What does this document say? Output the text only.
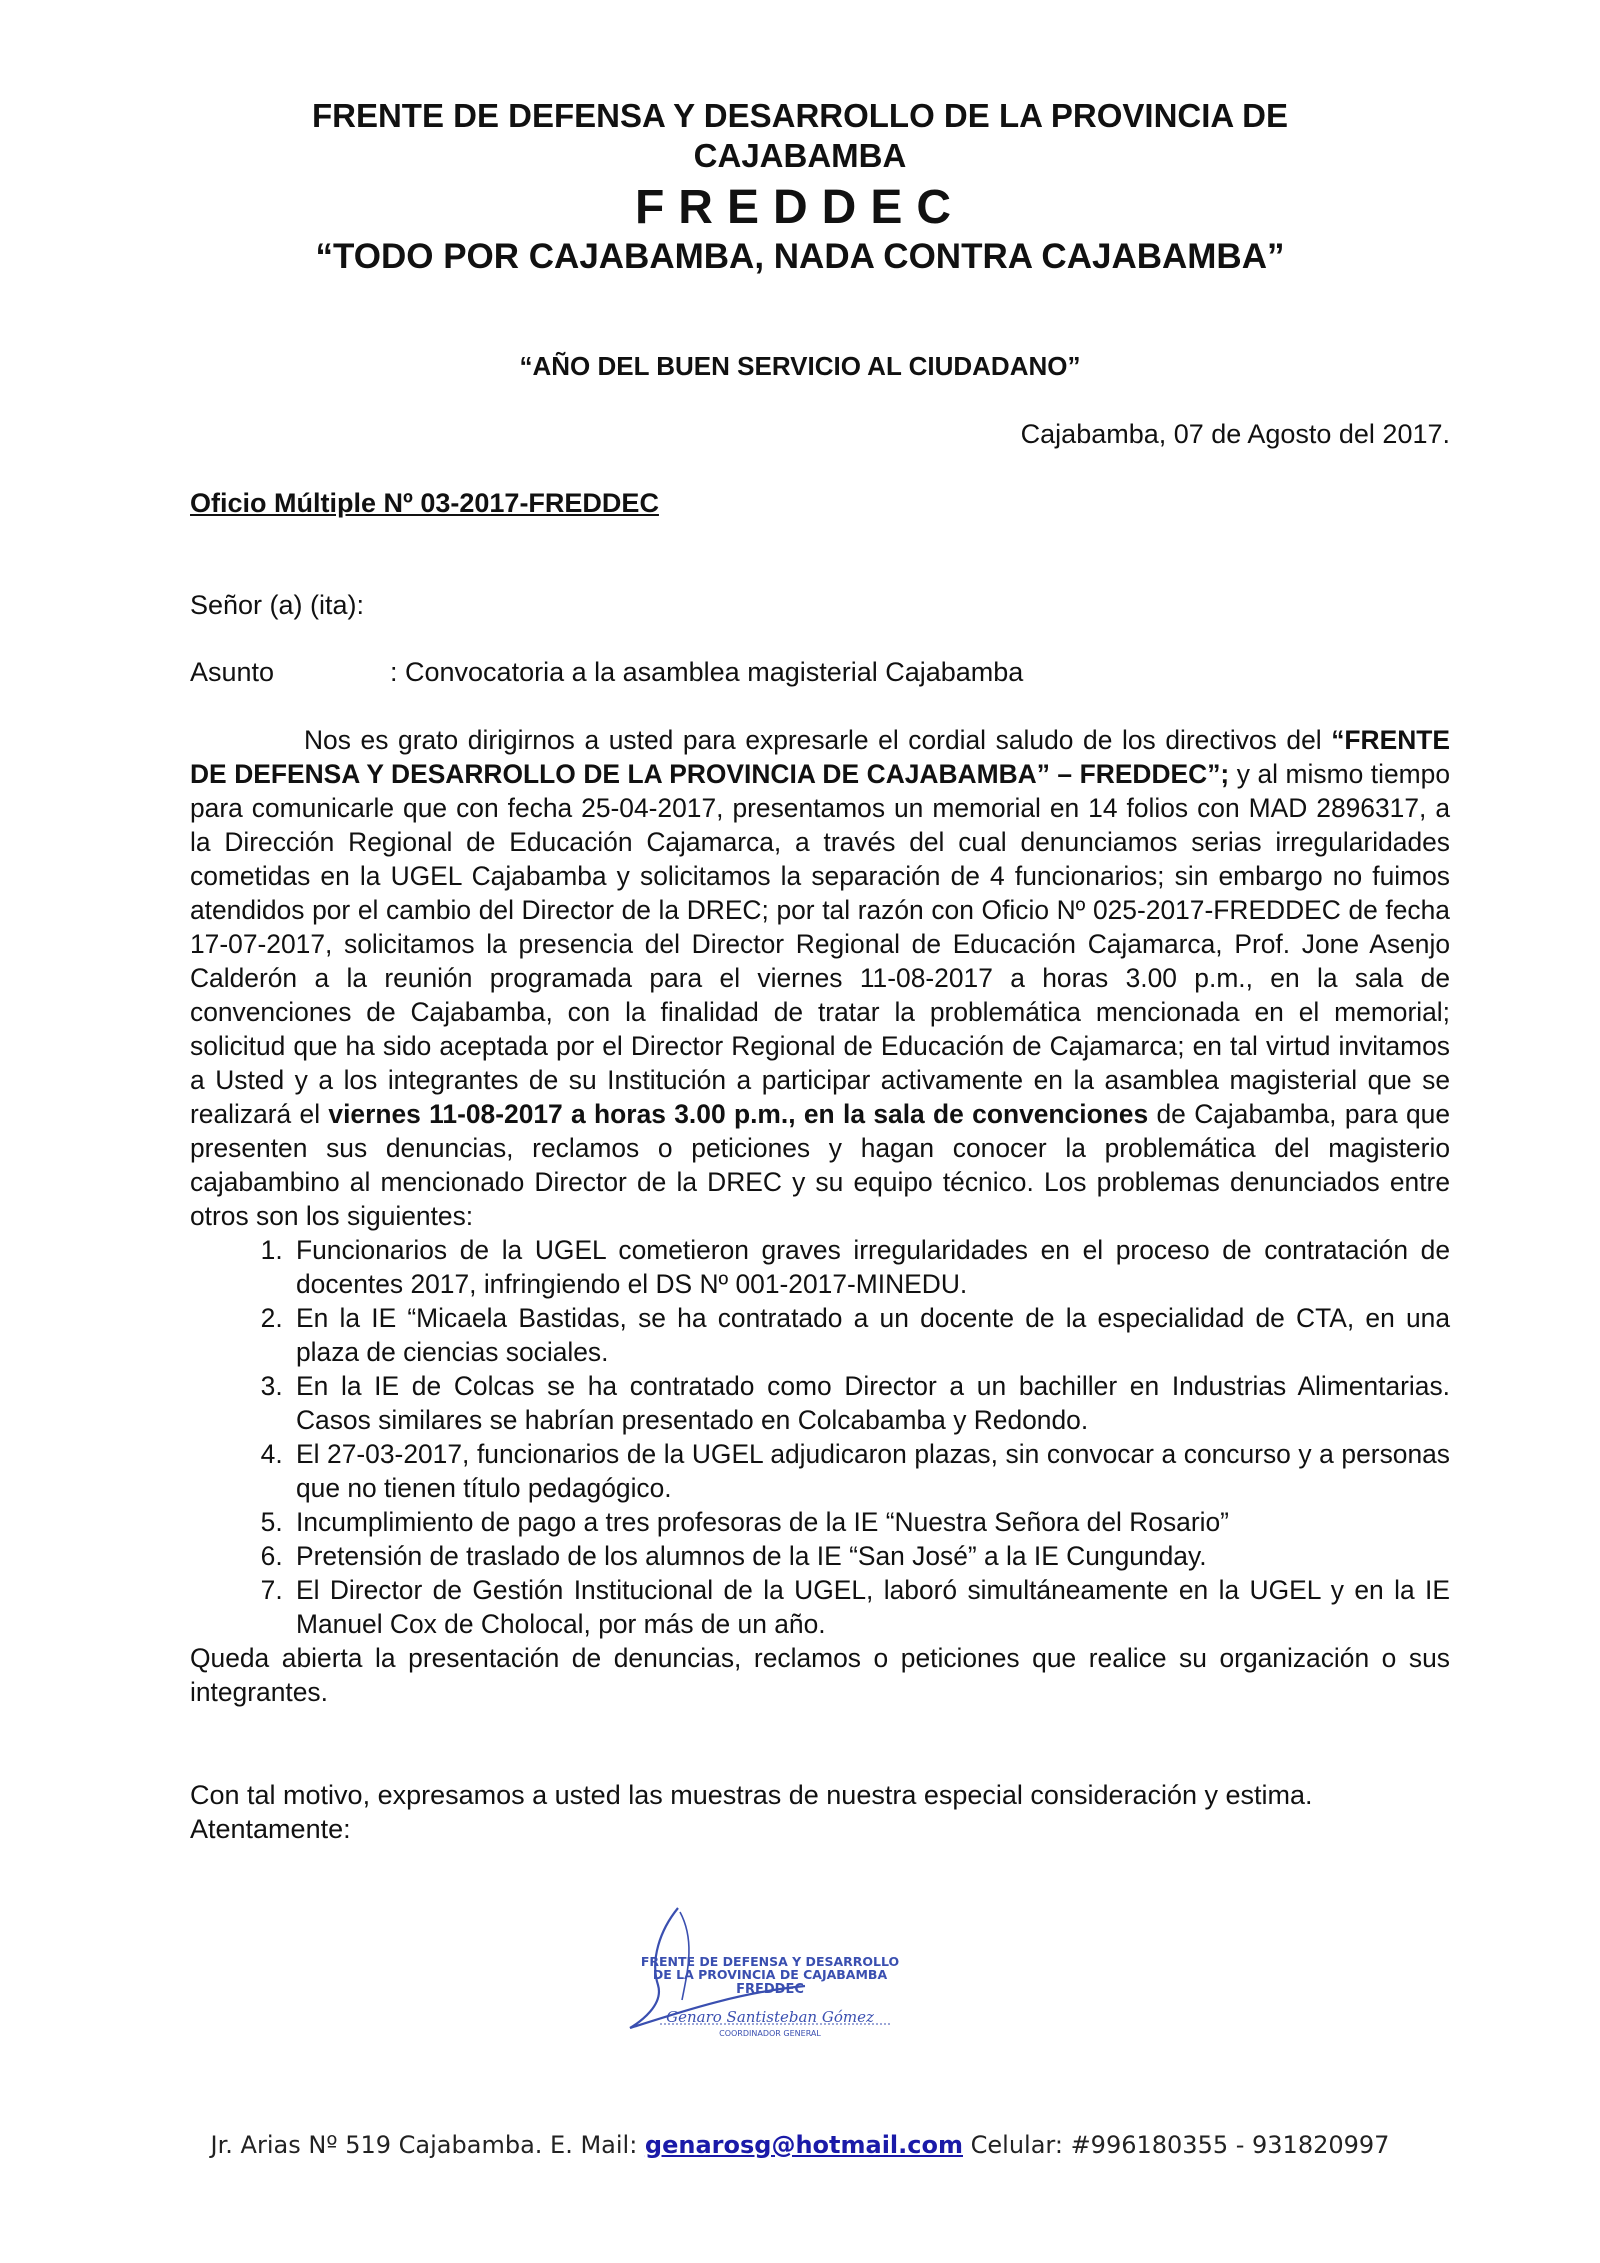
FRENTE DE DEFENSA Y DESARROLLO DE LA PROVINCIA DE
CAJABAMBA
FREDDEC
“TODO POR CAJABAMBA, NADA CONTRA CAJABAMBA”
“AÑO DEL BUEN SERVICIO AL CIUDADANO”
Cajabamba, 07 de Agosto del 2017.
Oficio Múltiple Nº 03-2017-FREDDEC
Señor (a) (ita):
Asunto	: Convocatoria a la asamblea magisterial Cajabamba

Nos es grato dirigirnos a usted para expresarle el cordial saludo de los directivos del “FRENTE DE DEFENSA Y DESARROLLO DE LA PROVINCIA DE CAJABAMBA” – FREDDEC”; y al mismo tiempo para comunicarle que con fecha 25-04-2017, presentamos un memorial en 14 folios con MAD 2896317, a la Dirección Regional de Educación Cajamarca, a través del cual denunciamos serias irregularidades cometidas en la UGEL Cajabamba y solicitamos la separación de 4 funcionarios; sin embargo no fuimos atendidos por el cambio del Director de la DREC; por tal razón con Oficio Nº 025-2017-FREDDEC de fecha 17-07-2017, solicitamos la presencia del Director Regional de Educación Cajamarca, Prof. Jone Asenjo Calderón a la reunión programada para el viernes 11-08-2017 a horas 3.00 p.m., en la sala de convenciones de Cajabamba, con la finalidad de tratar la problemática mencionada en el memorial; solicitud que ha sido aceptada por el Director Regional de Educación de Cajamarca; en tal virtud invitamos a Usted y a los integrantes de su Institución a participar activamente en la asamblea magisterial que se realizará el viernes 11-08-2017 a horas 3.00 p.m., en la sala de convenciones de Cajabamba, para que presenten sus denuncias, reclamos o peticiones y hagan conocer la problemática del magisterio cajabambino al mencionado Director de la DREC y su equipo técnico. Los problemas denunciados entre otros son los siguientes:

1. Funcionarios de la UGEL cometieron graves irregularidades en el proceso de contratación de docentes 2017, infringiendo el DS Nº 001-2017-MINEDU.
2. En la IE “Micaela Bastidas, se ha contratado a un docente de la especialidad de CTA, en una plaza de ciencias sociales.
3. En la IE de Colcas se ha contratado como Director a un bachiller en Industrias Alimentarias. Casos similares se habrían presentado en Colcabamba y Redondo.
4. El 27-03-2017, funcionarios de la UGEL adjudicaron plazas, sin convocar a concurso y a personas que no tienen título pedagógico.
5. Incumplimiento de pago a tres profesoras de la IE “Nuestra Señora del Rosario”
6. Pretensión de traslado de los alumnos de la IE “San José” a la IE Cungunday.
7. El Director de Gestión Institucional de la UGEL, laboró simultáneamente en la UGEL y en la IE Manuel Cox de Cholocal, por más de un año.

Queda abierta la presentación de denuncias, reclamos o peticiones que realice su organización o sus integrantes.

Con tal motivo, expresamos a usted las muestras de nuestra especial consideración y estima.
Atentamente:
FRENTE DE DEFENSA Y DESARROLLO
DE LA PROVINCIA DE CAJABAMBA
FREDDEC
Genaro Santisteban Gómez
COORDINADOR GENERAL
Jr. Arias Nº 519 Cajabamba. E. Mail: genarosg@hotmail.com Celular: #996180355 - 931820997
